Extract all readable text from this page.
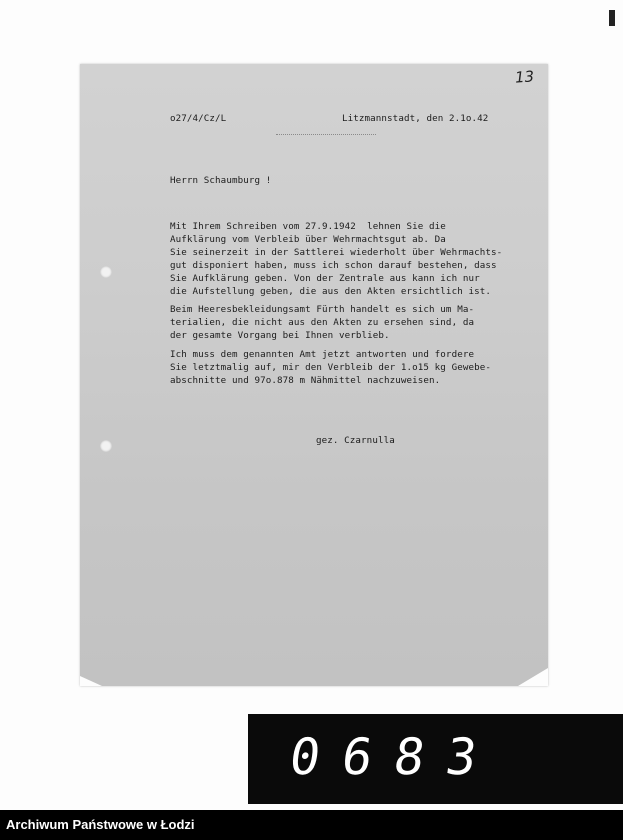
13
o27/4/Cz/L	Litzmannstadt, den 2.1o.42
Herrn Schaumburg !
Mit Ihrem Schreiben vom 27.9.1942  lehnen Sie die
Aufklärung vom Verbleib über Wehrmachtsgut ab. Da
Sie seinerzeit in der Sattlerei wiederholt über Wehrmachts-
gut disponiert haben, muss ich schon darauf bestehen, dass
Sie Aufklärung geben. Von der Zentrale aus kann ich nur
die Aufstellung geben, die aus den Akten ersichtlich ist.
Beim Heeresbekleidungsamt Fürth handelt es sich um Ma-
terialien, die nicht aus den Akten zu ersehen sind, da
der gesamte Vorgang bei Ihnen verblieb.
Ich muss dem genannten Amt jetzt antworten und fordere
Sie letztmalig auf, mir den Verbleib der 1.o15 kg Gewebe-
abschnitte und 97o.878 m Nähmittel nachzuweisen.
gez. Czarnulla
0683
Archiwum Państwowe w Łodzi
